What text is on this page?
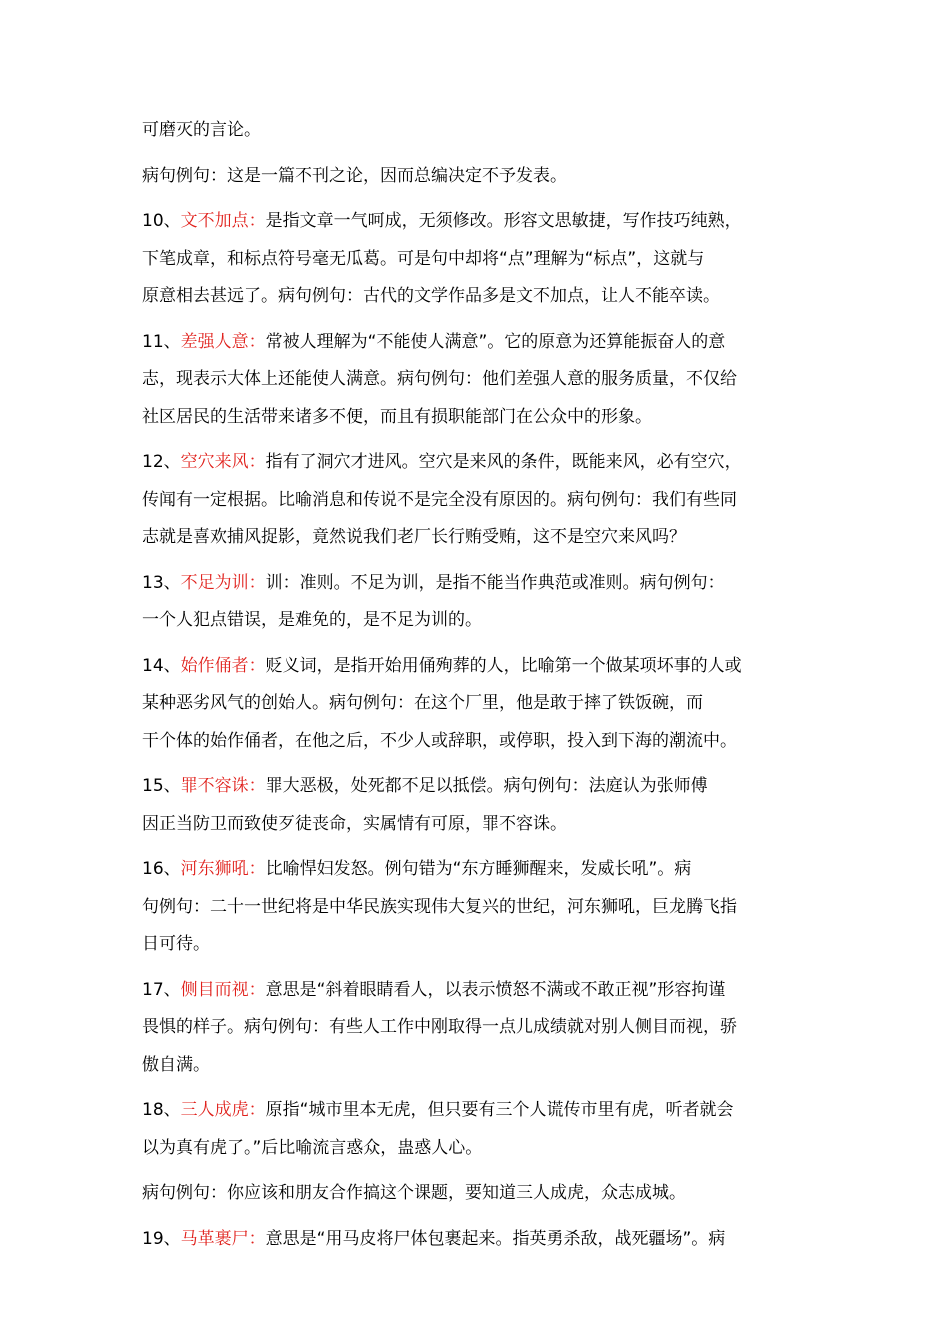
可磨灭的言论。

病句例句：这是一篇不刊之论，因而总编决定不予发表。

10、文不加点：是指文章一气呵成，无须修改。形容文思敏捷，写作技巧纯熟，
下笔成章，和标点符号毫无瓜葛。可是句中却将“点”理解为“标点”，这就与
原意相去甚远了。病句例句：古代的文学作品多是文不加点，让人不能卒读。

11、差强人意：常被人理解为“不能使人满意”。它的原意为还算能振奋人的意
志，现表示大体上还能使人满意。病句例句：他们差强人意的服务质量，不仅给
社区居民的生活带来诸多不便，而且有损职能部门在公众中的形象。

12、空穴来风：指有了洞穴才进风。空穴是来风的条件，既能来风，必有空穴，
传闻有一定根据。比喻消息和传说不是完全没有原因的。病句例句：我们有些同
志就是喜欢捕风捉影，竟然说我们老厂长行贿受贿，这不是空穴来风吗？

13、不足为训：训：准则。不足为训，是指不能当作典范或准则。病句例句：
一个人犯点错误，是难免的，是不足为训的。

14、始作俑者：贬义词，是指开始用俑殉葬的人，比喻第一个做某项坏事的人或
某种恶劣风气的创始人。病句例句：在这个厂里，他是敢于摔了铁饭碗，而
干个体的始作俑者，在他之后，不少人或辞职，或停职，投入到下海的潮流中。

15、罪不容诛：罪大恶极，处死都不足以抵偿。病句例句：法庭认为张师傅
因正当防卫而致使歹徒丧命，实属情有可原，罪不容诛。

16、河东狮吼：比喻悍妇发怒。例句错为“东方睡狮醒来，发威长吼”。病
句例句：二十一世纪将是中华民族实现伟大复兴的世纪，河东狮吼，巨龙腾飞指
日可待。

17、侧目而视：意思是“斜着眼睛看人，以表示愤怒不满或不敢正视”形容拘谨
畏惧的样子。病句例句：有些人工作中刚取得一点儿成绩就对别人侧目而视，骄
傲自满。

18、三人成虎：原指“城市里本无虎，但只要有三个人谎传市里有虎，听者就会
以为真有虎了。”后比喻流言惑众，蛊惑人心。

病句例句：你应该和朋友合作搞这个课题，要知道三人成虎，众志成城。

19、马革裹尸：意思是“用马皮将尸体包裹起来。指英勇杀敌，战死疆场”。病
